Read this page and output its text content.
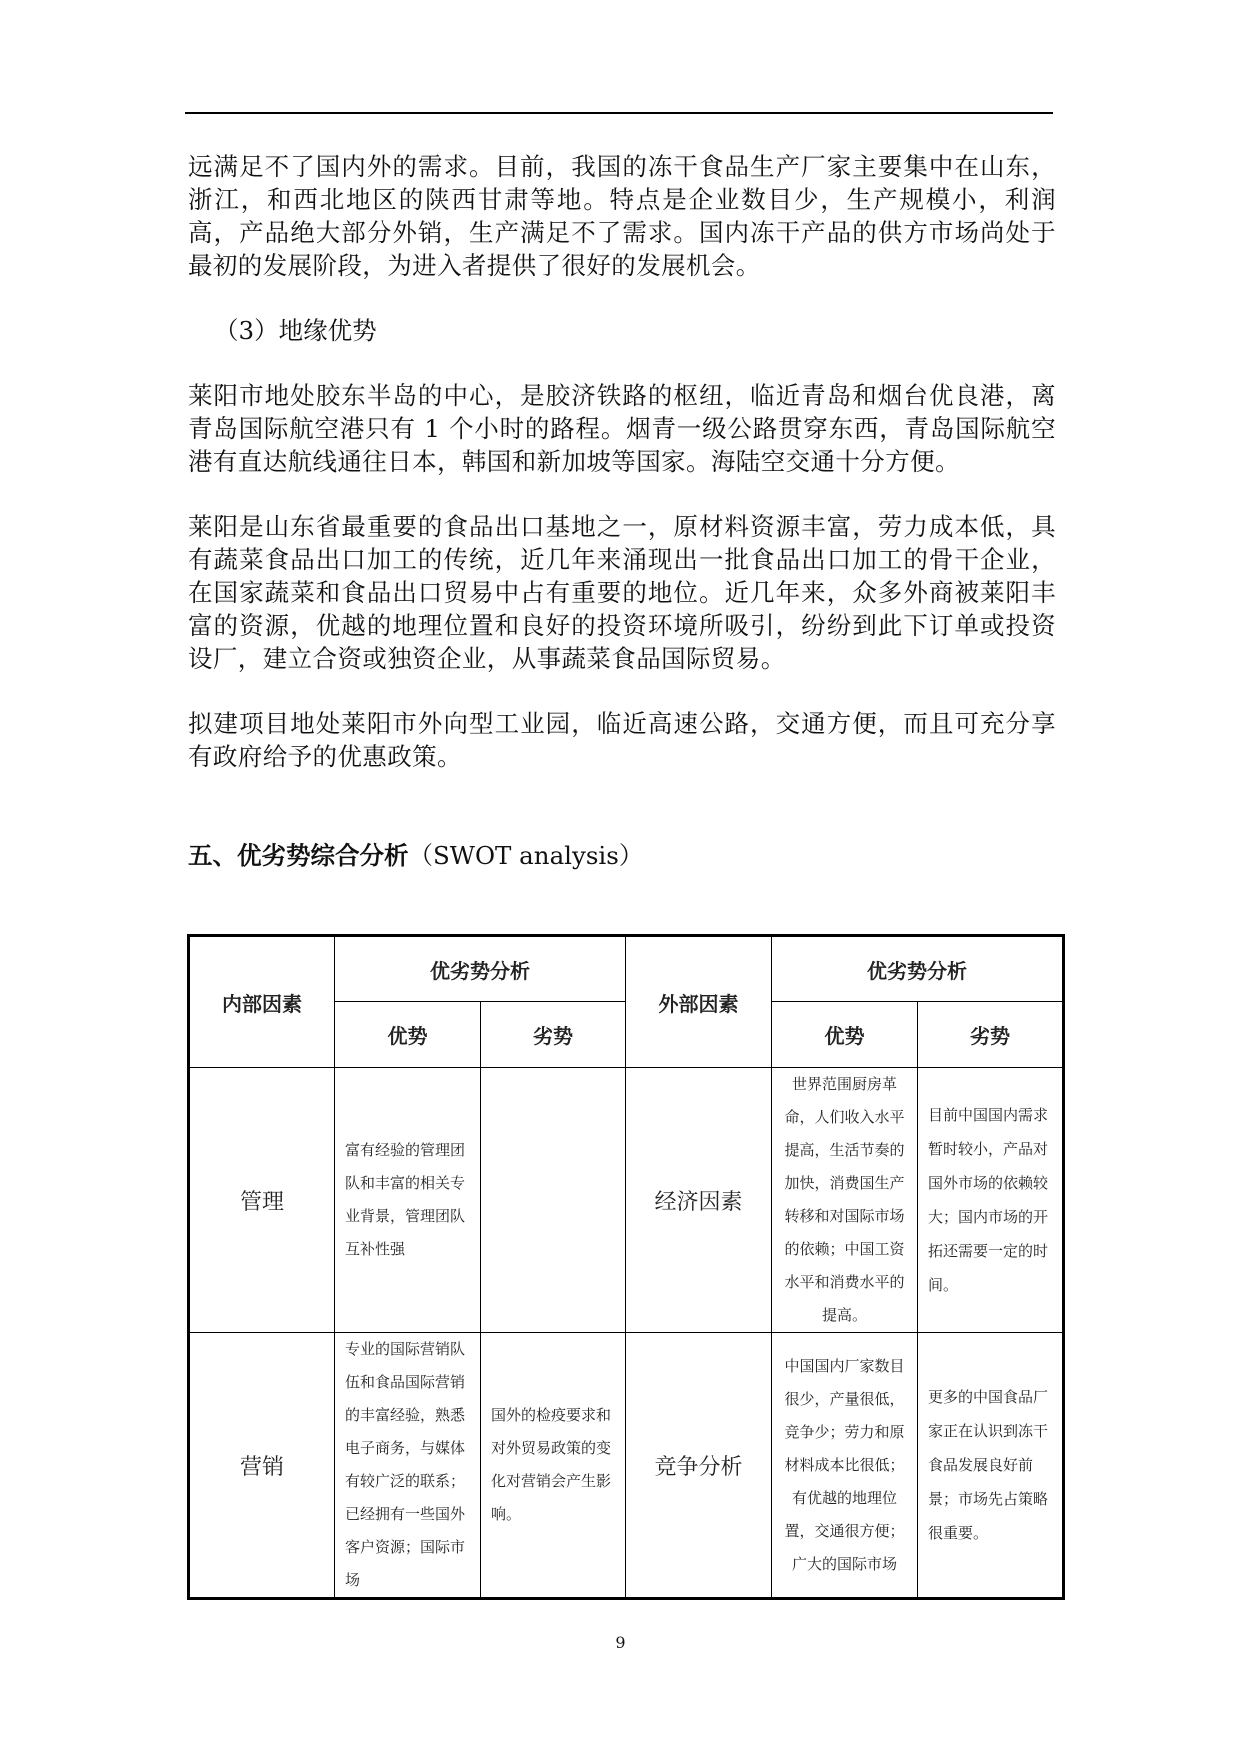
远满足不了国内外的需求。目前，我国的冻干食品生产厂家主要集中在山东，浙江，和西北地区的陕西甘肃等地。特点是企业数目少，生产规模小，利润高，产品绝大部分外销，生产满足不了需求。国内冻干产品的供方市场尚处于最初的发展阶段，为进入者提供了很好的发展机会。

（3）地缘优势

莱阳市地处胶东半岛的中心，是胶济铁路的枢纽，临近青岛和烟台优良港，离青岛国际航空港只有 1 个小时的路程。烟青一级公路贯穿东西，青岛国际航空港有直达航线通往日本，韩国和新加坡等国家。海陆空交通十分方便。

莱阳是山东省最重要的食品出口基地之一，原材料资源丰富，劳力成本低，具有蔬菜食品出口加工的传统，近几年来涌现出一批食品出口加工的骨干企业，在国家蔬菜和食品出口贸易中占有重要的地位。近几年来，众多外商被莱阳丰富的资源，优越的地理位置和良好的投资环境所吸引，纷纷到此下订单或投资设厂，建立合资或独资企业，从事蔬菜食品国际贸易。

拟建项目地处莱阳市外向型工业园，临近高速公路，交通方便，而且可充分享有政府给予的优惠政策。

五、优劣势综合分析（SWOT analysis）

内部因素	优劣势分析		外部因素	优劣势分析	
	优势	劣势		优势	劣势
管理	富有经验的管理团队和丰富的相关专业背景，管理团队互补性强		经济因素	世界范围厨房革命，人们收入水平提高，生活节奏的加快，消费国生产转移和对国际市场的依赖；中国工资水平和消费水平的提高。	目前中国国内需求暂时较小，产品对国外市场的依赖较大；国内市场的开拓还需要一定的时间。
营销	专业的国际营销队伍和食品国际营销的丰富经验，熟悉电子商务，与媒体有较广泛的联系；已经拥有一些国外客户资源；国际市场	国外的检疫要求和对外贸易政策的变化对营销会产生影响。	竞争分析	中国国内厂家数目很少，产量很低，竞争少；劳力和原材料成本比很低；有优越的地理位置，交通很方便；广大的国际市场	更多的中国食品厂家正在认识到冻干食品发展良好前景；市场先占策略很重要。
9
